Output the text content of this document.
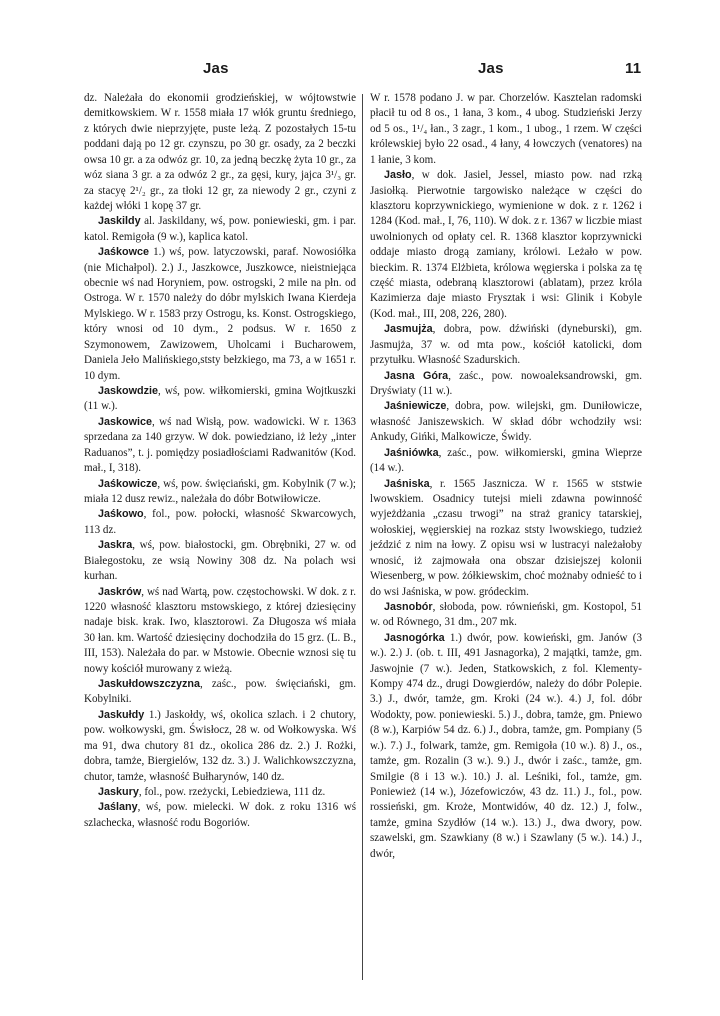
Jas	Jas	11

dz. Należała do ekonomii grodzieńskiej, w wójtowstwie demitkowskiem. W r. 1558 miała 17 włók gruntu średniego, z których dwie nieprzyjęte, puste leżą. Z pozostałych 15-tu poddani dają po 12 gr. czynszu, po 30 gr. osady, za 2 beczki owsa 10 gr. a za odwóz gr. 10, za jedną beczkę żyta 10 gr., za wóz siana 3 gr. a za odwóz 2 gr., za gęsi, kury, jajca 3¹/₃ gr. za stacyę 2¹/₂ gr., za tłoki 12 gr, za niewody 2 gr., czyni z każdej włóki 1 kopę 37 gr.

Jaskildy al. Jaskildany, wś, pow. poniewieski, gm. i par. katol. Remigoła (9 w.), kaplica katol.

Jaśkowce 1.) wś, pow. latyczowski, paraf. Nowosiółka (nie Michałpol). 2.) J., Jaszkowce, Juszkowce, nieistniejąca obecnie wś nad Horyniem, pow. ostrogski, 2 mile na płn. od Ostroga. W r. 1570 należy do dóbr mylskich Iwana Kierdeja Mylskiego. W r. 1583 przy Ostrogu, ks. Konst. Ostrogskiego, który wnosi od 10 dym., 2 podsus. W r. 1650 z Szymonowem, Zawizowem, Uholcami i Bucharowem, Daniela Jeło Malińskiego,ststy bełzkiego, ma 73, a w 1651 r. 10 dym.

Jaskowdzie, wś, pow. wiłkomierski, gmina Wojtkuszki (11 w.).

Jaskowice, wś nad Wisłą, pow. wadowicki. W r. 1363 sprzedana za 140 grzyw. W dok. powiedziano, iż leży „inter Raduanos”, t. j. pomiędzy posiadłościami Radwanitów (Kod. mał., I, 318).

Jaśkowicze, wś, pow. święciański, gm. Kobylnik (7 w.); miała 12 dusz rewiz., należała do dóbr Botwiłowicze.

Jaśkowo, fol., pow. połocki, własność Skwarcowych, 113 dz.

Jaskra, wś, pow. białostocki, gm. Obrębniki, 27 w. od Białegostoku, ze wsią Nowiny 308 dz. Na polach wsi kurhan.

Jaskrów, wś nad Wartą, pow. częstochowski. W dok. z r. 1220 własność klasztoru mstowskiego, z której dziesięciny nadaje bisk. krak. Iwo, klasztorowi. Za Długosza wś miała 30 łan. km. Wartość dziesięciny dochodziła do 15 grz. (L. B., III, 153). Należała do par. w Mstowie. Obecnie wznosi się tu nowy kościół murowany z wieżą.

Jaskułdowszczyzna, zaśc., pow. święciański, gm. Kobylniki.

Jaskułdy 1.) Jaskołdy, wś, okolica szlach. i 2 chutory, pow. wołkowyski, gm. Świsłocz, 28 w. od Wołkowyska. Wś ma 91, dwa chutory 81 dz., okolica 286 dz. 2.) J. Rożki, dobra, tamże, Biergielów, 132 dz. 3.) J. Walichkowszczyzna, chutor, tamże, własność Bułharynów, 140 dz.

Jaskury, fol., pow. rzeżycki, Lebiedziewa, 111 dz.

Jaślany, wś, pow. mielecki. W dok. z roku 1316 wś szlachecka, własność rodu Bogoriów.

W r. 1578 podano J. w par. Chorzelów. Kasztelan radomski płacił tu od 8 os., 1 łana, 3 kom., 4 ubog. Studzieński Jerzy od 5 os., 1¹/₄ łan., 3 zagr., 1 kom., 1 ubog., 1 rzem. W części królewskiej było 22 osad., 4 łany, 4 łowczych (venatores) na 1 łanie, 3 kom.

Jasło, w dok. Jasiel, Jessel, miasto pow. nad rzką Jasiołką. Pierwotnie targowisko należące w części do klasztoru koprzywnickiego, wymienione w dok. z r. 1262 i 1284 (Kod. mał., I, 76, 110). W dok. z r. 1367 w liczbie miast uwolnionych od opłaty cel. R. 1368 klasztor koprzywnicki oddaje miasto drogą zamiany, królowi. Leżało w pow. bieckim. R. 1374 Elżbieta, królowa węgierska i polska za tę część miasta, odebraną klasztorowi (ablatam), przez króla Kazimierza daje miasto Frysztak i wsi: Glinik i Kobyle (Kod. mał., III, 208, 226, 280).

Jasmujża, dobra, pow. dźwiński (dyneburski), gm. Jasmujża, 37 w. od mta pow., kościół katolicki, dom przytułku. Własność Szadurskich.

Jasna Góra, zaśc., pow. nowoaleksandrowski, gm. Dryświaty (11 w.).

Jaśniewicze, dobra, pow. wilejski, gm. Duniłowicze, własność Janiszewskich. W skład dóbr wchodziły wsi: Ankudy, Gińki, Malkowicze, Świdy.

Jaśniówka, zaśc., pow. wiłkomierski, gmina Wieprze (14 w.).

Jaśniska, r. 1565 Jasznicza. W r. 1565 w ststwie lwowskiem. Osadnicy tutejsi mieli zdawna powinność wyjeżdżania „czasu trwogi” na straż granicy tatarskiej, wołoskiej, węgierskiej na rozkaz ststy lwowskiego, tudzież jeździć z nim na łowy. Z opisu wsi w lustracyi należałoby wnosić, iż zajmowała ona obszar dzisiejszej kolonii Wiesenberg, w pow. żółkiewskim, choć możnaby odnieść to i do wsi Jaśniska, w pow. gródeckim.

Jasnobór, słoboda, pow. równieński, gm. Kostopol, 51 w. od Równego, 31 dm., 207 mk.

Jasnogórka 1.) dwór, pow. kowieński, gm. Janów (3 w.). 2.) J. (ob. t. III, 491 Jasnagorka), 2 majątki, tamże, gm. Jaswojnie (7 w.). Jeden, Statkowskich, z fol. Klementy-Kompy 474 dz., drugi Dowgierdów, należy do dóbr Polepie. 3.) J., dwór, tamże, gm. Kroki (24 w.). 4.) J, fol. dóbr Wodokty, pow. poniewieski. 5.) J., dobra, tamże, gm. Pniewo (8 w.), Karpiów 54 dz. 6.) J., dobra, tamże, gm. Pompiany (5 w.). 7.) J., folwark, tamże, gm. Remigoła (10 w.). 8) J., os., tamże, gm. Rozalin (3 w.). 9.) J., dwór i zaśc., tamże, gm. Smilgie (8 i 13 w.). 10.) J. al. Leśniki, fol., tamże, gm. Poniewież (14 w.), Józefowiczów, 43 dz. 11.) J., fol., pow. rossieński, gm. Kroże, Montwidów, 40 dz. 12.) J, folw., tamże, gmina Szydłów (14 w.). 13.) J., dwa dwory, pow. szawelski, gm. Szawkiany (8 w.) i Szawlany (5 w.). 14.) J., dwór,
